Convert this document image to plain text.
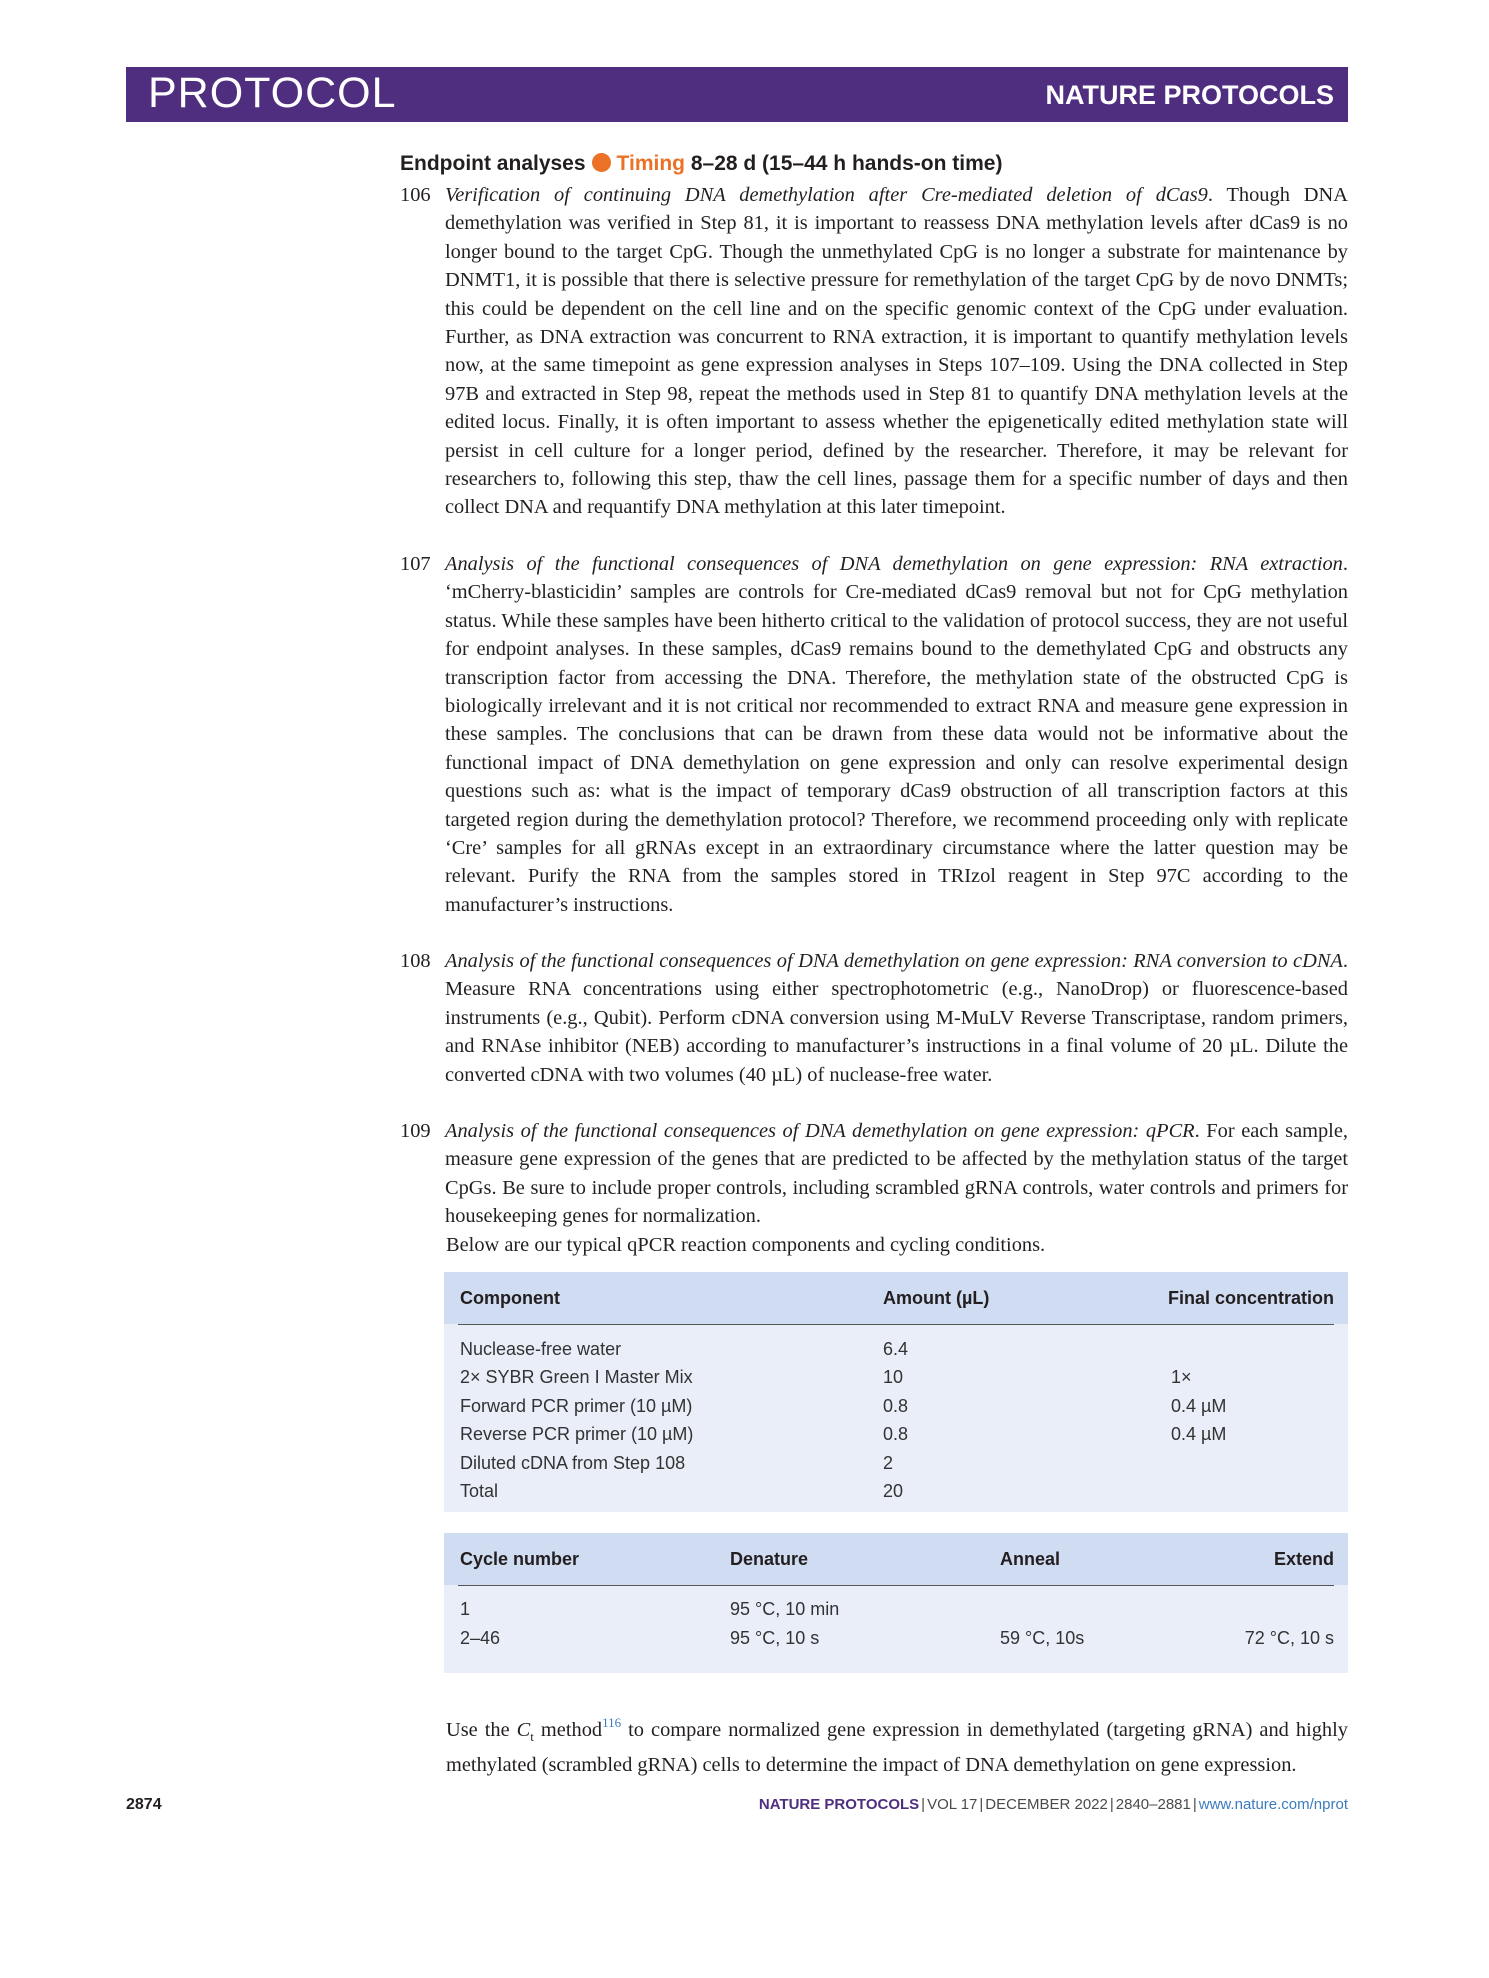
PROTOCOL	NATURE PROTOCOLS
Endpoint analyses Timing 8–28 d (15–44 h hands-on time)
106 Verification of continuing DNA demethylation after Cre-mediated deletion of dCas9. Though DNA demethylation was verified in Step 81, it is important to reassess DNA methylation levels after dCas9 is no longer bound to the target CpG. Though the unmethylated CpG is no longer a substrate for maintenance by DNMT1, it is possible that there is selective pressure for remethylation of the target CpG by de novo DNMTs; this could be dependent on the cell line and on the specific genomic context of the CpG under evaluation. Further, as DNA extraction was concurrent to RNA extraction, it is important to quantify methylation levels now, at the same timepoint as gene expression analyses in Steps 107–109. Using the DNA collected in Step 97B and extracted in Step 98, repeat the methods used in Step 81 to quantify DNA methylation levels at the edited locus. Finally, it is often important to assess whether the epigenetically edited methylation state will persist in cell culture for a longer period, defined by the researcher. Therefore, it may be relevant for researchers to, following this step, thaw the cell lines, passage them for a specific number of days and then collect DNA and requantify DNA methylation at this later timepoint.
107 Analysis of the functional consequences of DNA demethylation on gene expression: RNA extraction. ‘mCherry-blasticidin’ samples are controls for Cre-mediated dCas9 removal but not for CpG methylation status. While these samples have been hitherto critical to the validation of protocol success, they are not useful for endpoint analyses. In these samples, dCas9 remains bound to the demethylated CpG and obstructs any transcription factor from accessing the DNA. Therefore, the methylation state of the obstructed CpG is biologically irrelevant and it is not critical nor recommended to extract RNA and measure gene expression in these samples. The conclusions that can be drawn from these data would not be informative about the functional impact of DNA demethylation on gene expression and only can resolve experimental design questions such as: what is the impact of temporary dCas9 obstruction of all transcription factors at this targeted region during the demethylation protocol? Therefore, we recommend proceeding only with replicate ‘Cre’ samples for all gRNAs except in an extraordinary circumstance where the latter question may be relevant. Purify the RNA from the samples stored in TRIzol reagent in Step 97C according to the manufacturer’s instructions.
108 Analysis of the functional consequences of DNA demethylation on gene expression: RNA conversion to cDNA. Measure RNA concentrations using either spectrophotometric (e.g., NanoDrop) or fluorescence-based instruments (e.g., Qubit). Perform cDNA conversion using M-MuLV Reverse Transcriptase, random primers, and RNAse inhibitor (NEB) according to manufacturer’s instructions in a final volume of 20 µL. Dilute the converted cDNA with two volumes (40 µL) of nuclease-free water.
109 Analysis of the functional consequences of DNA demethylation on gene expression: qPCR. For each sample, measure gene expression of the genes that are predicted to be affected by the methylation status of the target CpGs. Be sure to include proper controls, including scrambled gRNA controls, water controls and primers for housekeeping genes for normalization.
Below are our typical qPCR reaction components and cycling conditions.
Component	Amount (µL)	Final concentration
Nuclease-free water	6.4
2× SYBR Green I Master Mix	10	1×
Forward PCR primer (10 µM)	0.8	0.4 µM
Reverse PCR primer (10 µM)	0.8	0.4 µM
Diluted cDNA from Step 108	2
Total	20
Cycle number	Denature	Anneal	Extend
1	95 °C, 10 min
2–46	95 °C, 10 s	59 °C, 10s	72 °C, 10 s
Use the $C_t$ method$^{116}$ to compare normalized gene expression in demethylated (targeting gRNA) and highly methylated (scrambled gRNA) cells to determine the impact of DNA demethylation on gene expression.
2874	NATURE PROTOCOLS | VOL 17 | DECEMBER 2022 | 2840–2881 | www.nature.com/nprot
